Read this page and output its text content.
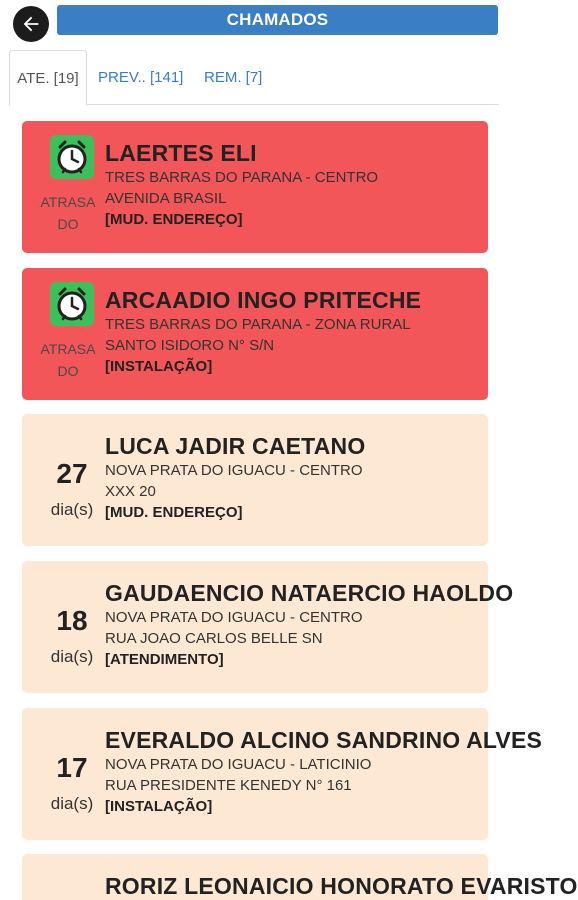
CHAMADOS
ATE. [19]	PREV.. [141] REM. [7]
ATRASA
DO
LAERTES ELI
TRES BARRAS DO PARANA - CENTRO
AVENIDA BRASIL
[MUD. ENDEREÇO]
ATRASA
DO
ARCAADIO INGO PRITECHE
TRES BARRAS DO PARANA - ZONA RURAL
SANTO ISIDORO N° S/N
[INSTALAÇÃO]
27
dia(s)
LUCA JADIR CAETANO
NOVA PRATA DO IGUACU - CENTRO
XXX 20
[MUD. ENDEREÇO]
18
dia(s)
GAUDAENCIO NATAERCIO HAOLDO
NOVA PRATA DO IGUACU - CENTRO
RUA JOAO CARLOS BELLE SN
[ATENDIMENTO]
17
dia(s)
EVERALDO ALCINO SANDRINO ALVES
NOVA PRATA DO IGUACU - LATICINIO
RUA PRESIDENTE KENEDY N° 161
[INSTALAÇÃO]
RORIZ LEONAICIO HONORATO EVARISTO
